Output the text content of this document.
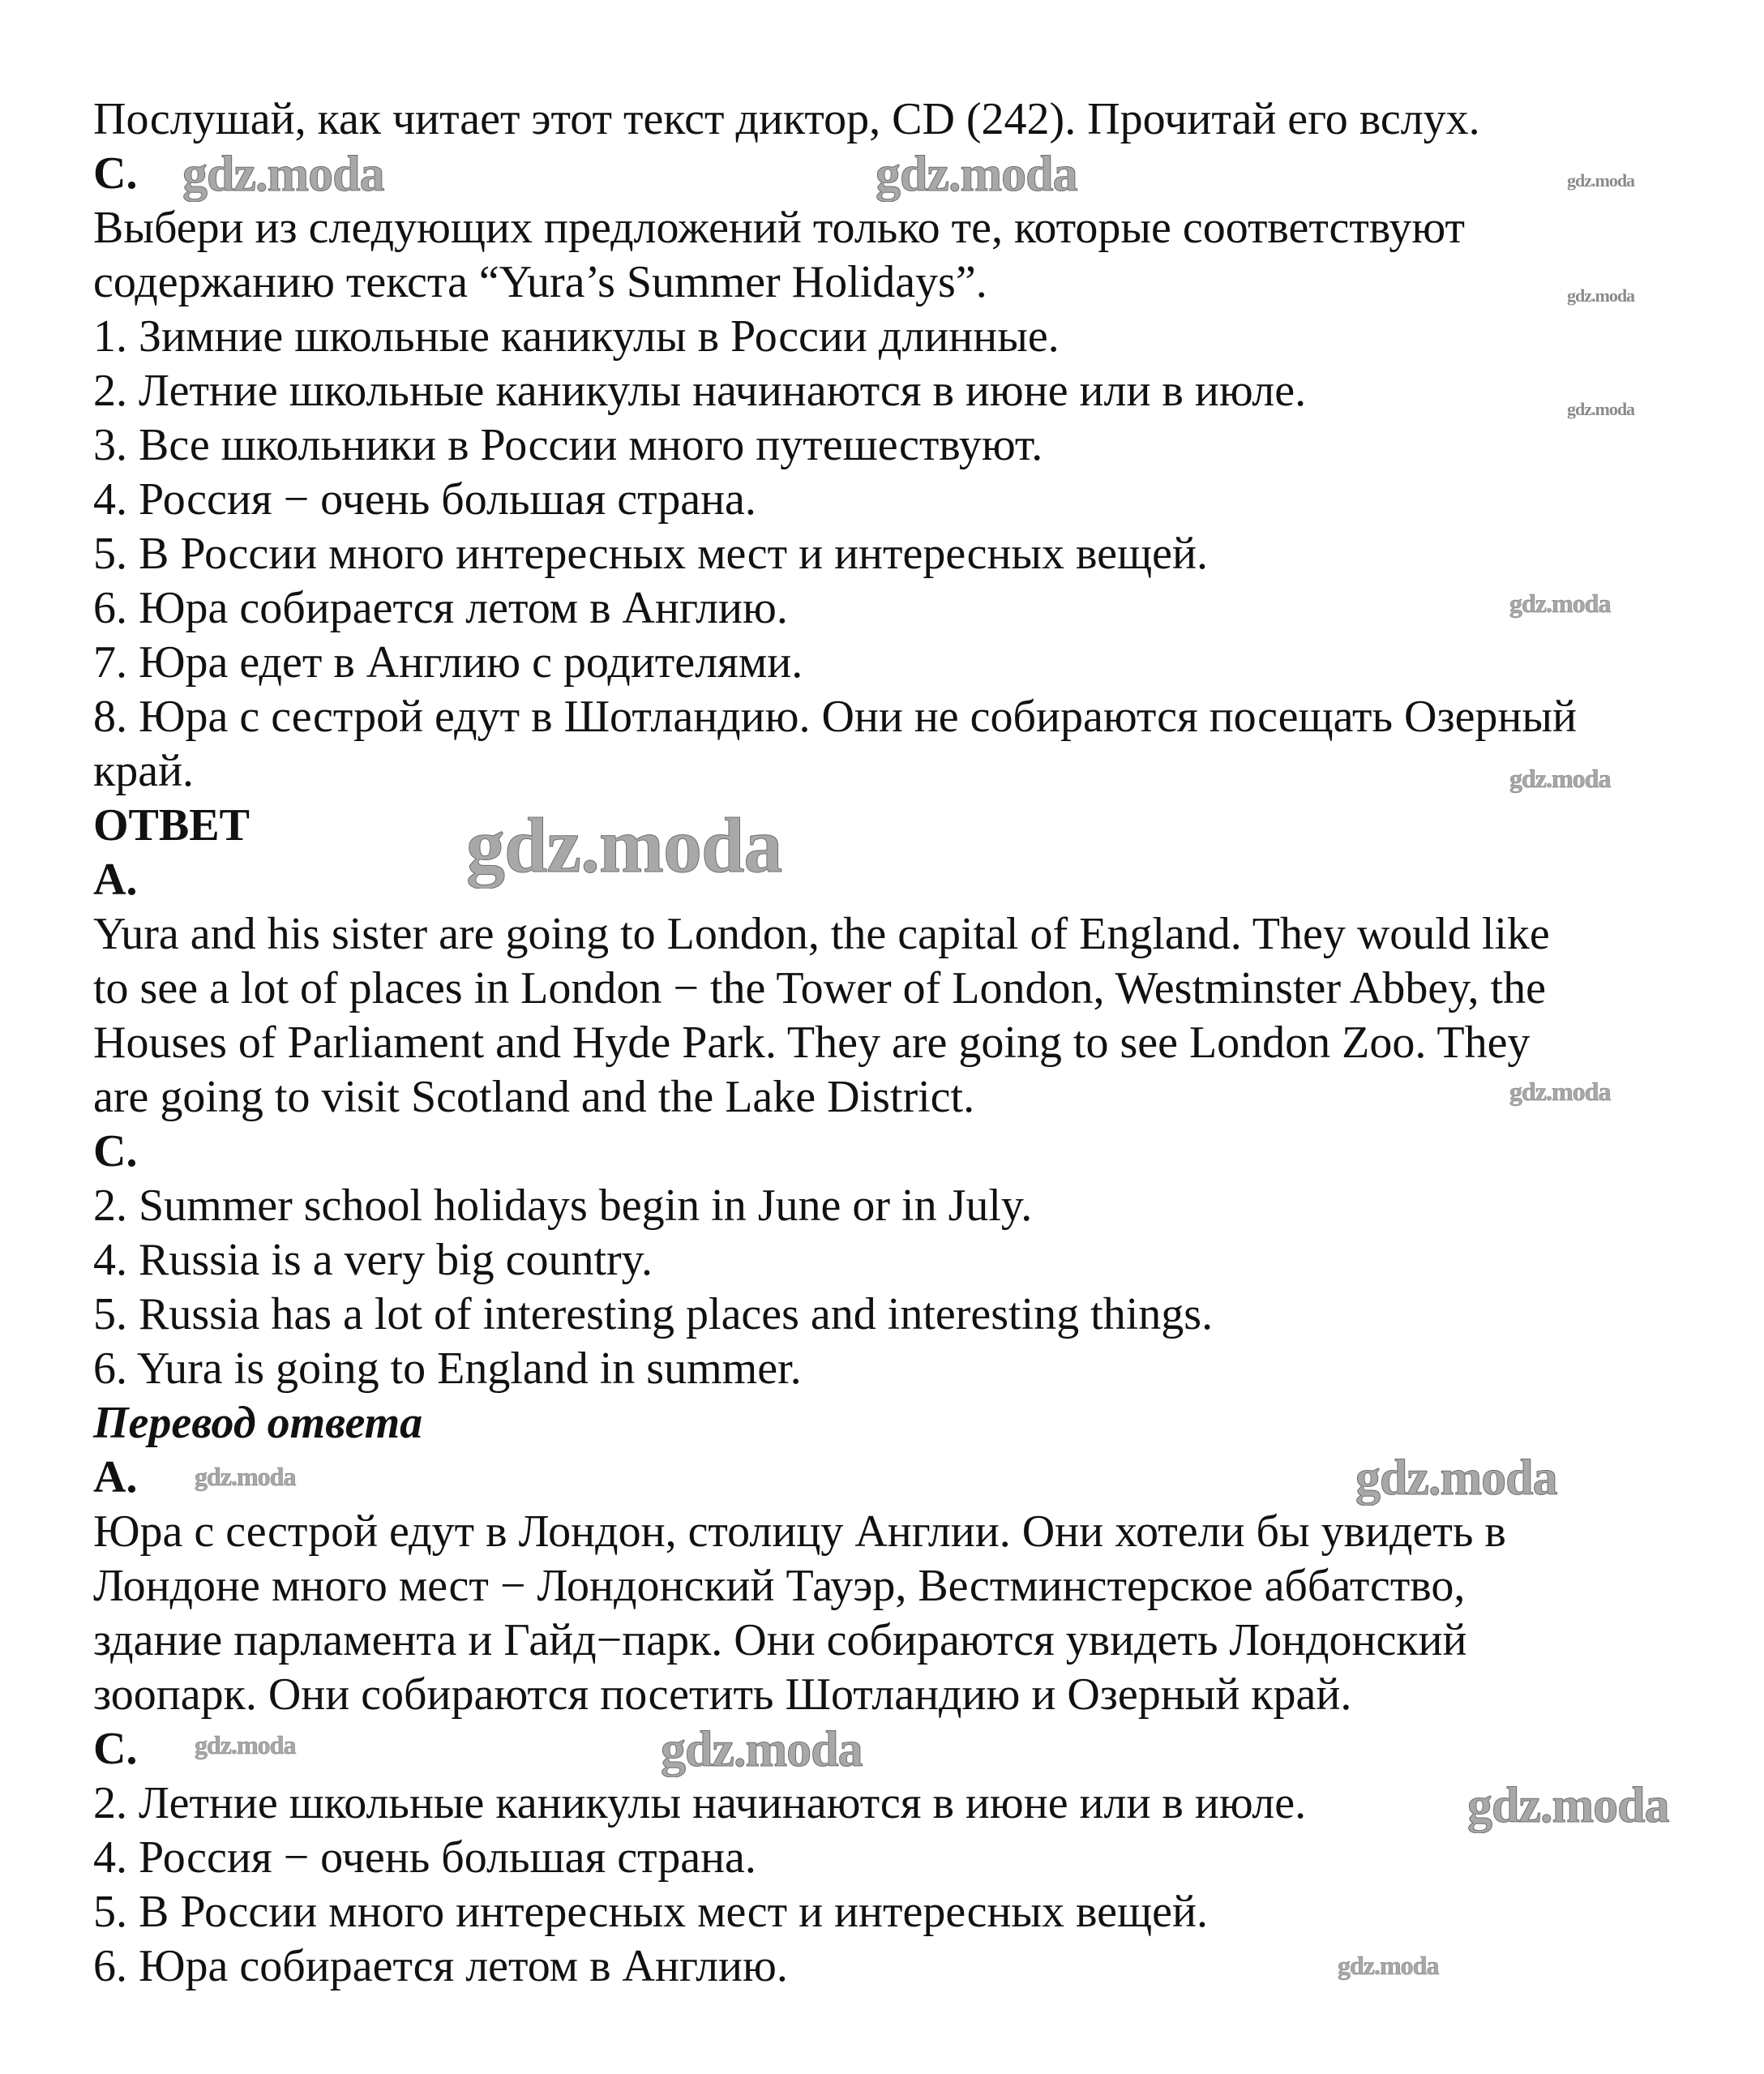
Послушай, как читает этот текст диктор, CD (242). Прочитай его вслух.
C.
Выбери из следующих предложений только те, которые соответствуют
содержанию текста “Yura’s Summer Holidays”.
1. Зимние школьные каникулы в России длинные.
2. Летние школьные каникулы начинаются в июне или в июле.
3. Все школьники в России много путешествуют.
4. Россия − очень большая страна.
5. В России много интересных мест и интересных вещей.
6. Юра собирается летом в Англию.
7. Юра едет в Англию с родителями.
8. Юра с сестрой едут в Шотландию. Они не собираются посещать Озерный
край.
ОТВЕТ
A.
Yura and his sister are going to London, the capital of England. They would like
to see a lot of places in London − the Tower of London, Westminster Abbey, the
Houses of Parliament and Hyde Park. They are going to see London Zoo. They
are going to visit Scotland and the Lake District.
C.
2. Summer school holidays begin in June or in July.
4. Russia is a very big country.
5. Russia has a lot of interesting places and interesting things.
6. Yura is going to England in summer.
Перевод ответа
A.
Юра с сестрой едут в Лондон, столицу Англии. Они хотели бы увидеть в
Лондоне много мест − Лондонский Тауэр, Вестминстерское аббатство,
здание парламента и Гайд−парк. Они собираются увидеть Лондонский
зоопарк. Они собираются посетить Шотландию и Озерный край.
C.
2. Летние школьные каникулы начинаются в июне или в июле.
4. Россия − очень большая страна.
5. В России много интересных мест и интересных вещей.
6. Юра собирается летом в Англию.
gdz.moda	gdz.moda	gdz.moda
gdz.moda
gdz.moda
gdz.moda
gdz.moda
gdz.moda
gdz.moda
gdz.moda
gdz.moda
gdz.moda	gdz.moda
gdz.moda
gdz.moda
